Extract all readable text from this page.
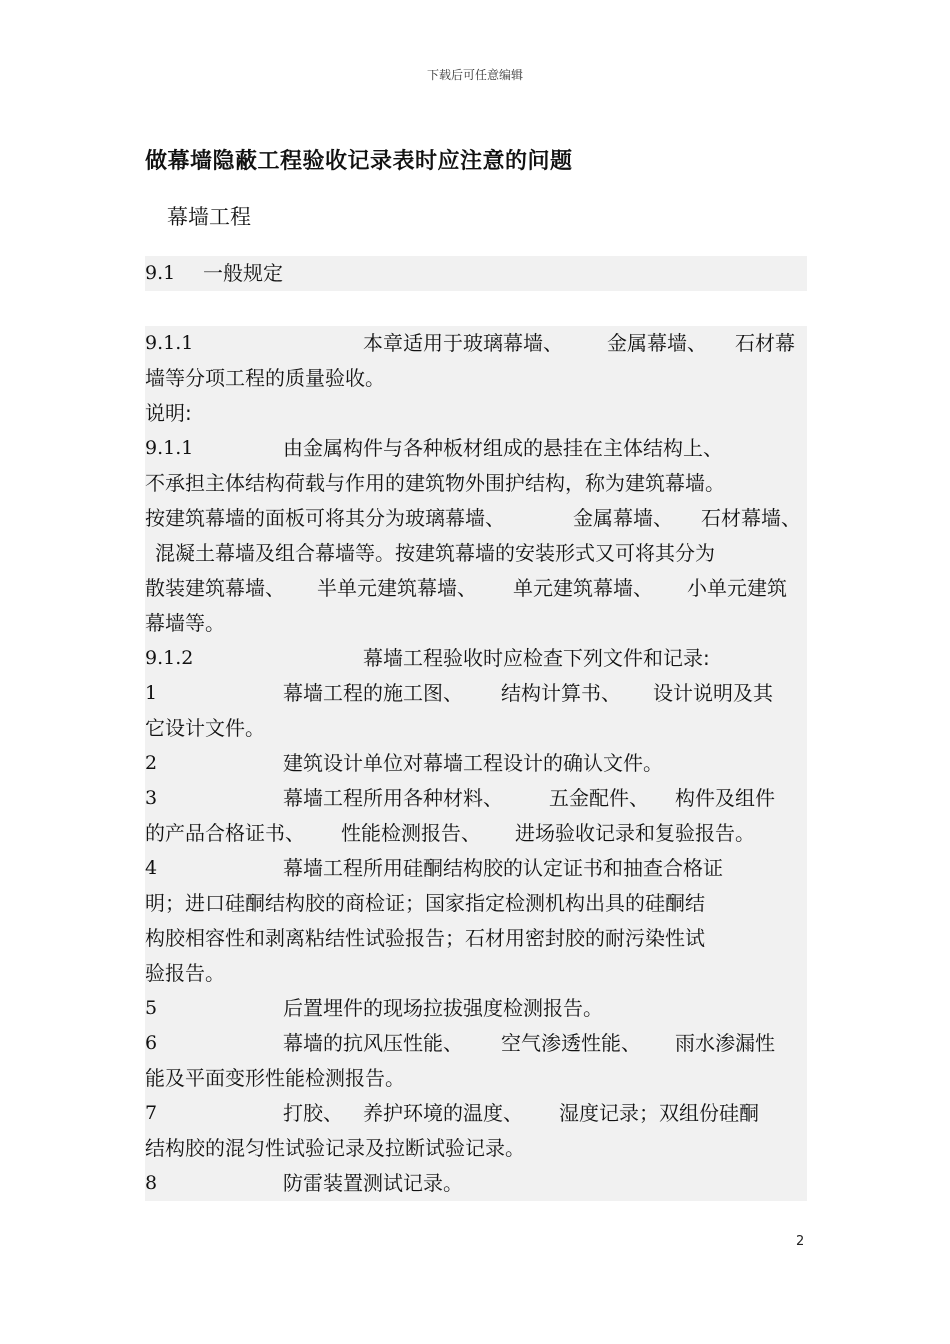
下载后可任意编辑
做幕墙隐蔽工程验收记录表时应注意的问题
幕墙工程
9.1 一般规定
9.1.1	本章适用于玻璃幕墙、 金属幕墙、 石材幕
墙等分项工程的质量验收。
说明:
9.1.1	由金属构件与各种板材组成的悬挂在主体结构上、
不承担主体结构荷载与作用的建筑物外围护结构，称为建筑幕墙。
按建筑幕墙的面板可将其分为玻璃幕墙、	金属幕墙、 石材幕墙、
混凝土幕墙及组合幕墙等。按建筑幕墙的安装形式又可将其分为
散装建筑幕墙、 半单元建筑幕墙、 单元建筑幕墙、 小单元建筑
幕墙等。
9.1.2	幕墙工程验收时应检查下列文件和记录:
1	幕墙工程的施工图、 结构计算书、 设计说明及其
它设计文件。
2	建筑设计单位对幕墙工程设计的确认文件。
3	幕墙工程所用各种材料、 五金配件、 构件及组件
的产品合格证书、 性能检测报告、 进场验收记录和复验报告。
4	幕墙工程所用硅酮结构胶的认定证书和抽查合格证
明；进口硅酮结构胶的商检证；国家指定检测机构出具的硅酮结
构胶相容性和剥离粘结性试验报告；石材用密封胶的耐污染性试
验报告。
5	后置埋件的现场拉拔强度检测报告。
6	幕墙的抗风压性能、 空气渗透性能、 雨水渗漏性
能及平面变形性能检测报告。
7	打胶、 养护环境的温度、 湿度记录；双组份硅酮
结构胶的混匀性试验记录及拉断试验记录。
8	防雷装置测试记录。
2
